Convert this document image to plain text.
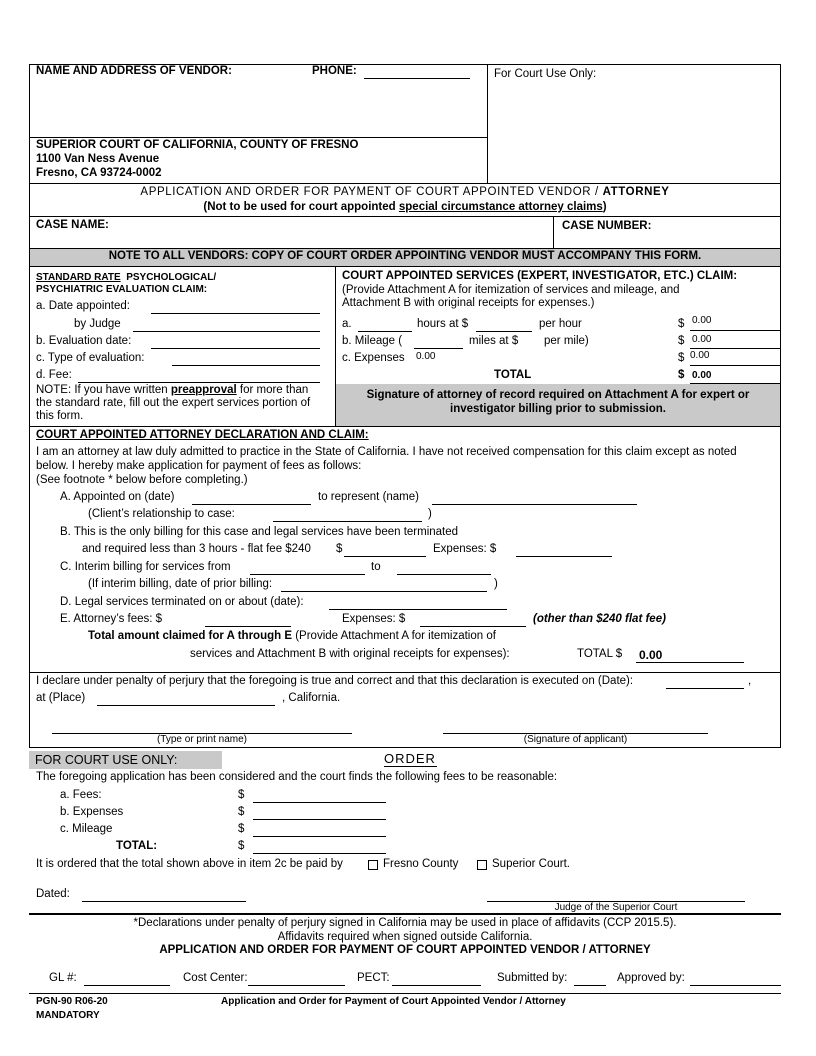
NAME AND ADDRESS OF VENDOR:	PHONE:	For Court Use Only:
SUPERIOR COURT OF CALIFORNIA, COUNTY OF FRESNO
1100 Van Ness Avenue
Fresno, CA 93724-0002
APPLICATION AND ORDER FOR PAYMENT OF COURT APPOINTED VENDOR / ATTORNEY
(Not to be used for court appointed special circumstance attorney claims)
CASE NAME:	CASE NUMBER:
NOTE TO ALL VENDORS: COPY OF COURT ORDER APPOINTING VENDOR MUST ACCOMPANY THIS FORM.
STANDARD RATE PSYCHOLOGICAL/
PSYCHIATRIC EVALUATION CLAIM:
a. Date appointed:
by Judge
b. Evaluation date:
c. Type of evaluation:
d. Fee:
NOTE: If you have written preapproval for more than
the standard rate, fill out the expert services portion of
this form.
COURT APPOINTED SERVICES (EXPERT, INVESTIGATOR, ETC.) CLAIM:
(Provide Attachment A for itemization of services and mileage, and
Attachment B with original receipts for expenses.)
a.	hours at $	per hour	$ 0.00
b. Mileage (	miles at $ per mile)	$ 0.00
c. Expenses 0.00	$ 0.00
TOTAL	$ 0.00
Signature of attorney of record required on Attachment A for expert or
investigator billing prior to submission.
COURT APPOINTED ATTORNEY DECLARATION AND CLAIM:
I am an attorney at law duly admitted to practice in the State of California. I have not received compensation for this claim except as noted
below. I hereby make application for payment of fees as follows:
(See footnote * below before completing.)
A. Appointed on (date)	to represent (name)
(Client’s relationship to case:	)
B. This is the only billing for this case and legal services have been terminated
and required less than 3 hours - flat fee $240 $	Expenses: $
C. Interim billing for services from	to
(If interim billing, date of prior billing:	)
D. Legal services terminated on or about (date):
E. Attorney’s fees: $	Expenses: $	(other than $240 flat fee)
Total amount claimed for A through E (Provide Attachment A for itemization of
services and Attachment B with original receipts for expenses):	TOTAL $ 0.00
I declare under penalty of perjury that the foregoing is true and correct and that this declaration is executed on (Date):	,
at (Place)	, California.
(Type or print name)	(Signature of applicant)
FOR COURT USE ONLY:	ORDER
The foregoing application has been considered and the court finds the following fees to be reasonable:
a. Fees:	$
b. Expenses	$
c. Mileage	$
TOTAL:	$
It is ordered that the total shown above in item 2c be paid by	Fresno County	Superior Court.
Dated:
Judge of the Superior Court
*Declarations under penalty of perjury signed in California may be used in place of affidavits (CCP 2015.5).
Affidavits required when signed outside California.
APPLICATION AND ORDER FOR PAYMENT OF COURT APPOINTED VENDOR / ATTORNEY
GL #:	Cost Center:	PECT:	Submitted by:	Approved by:
PGN-90 R06-20
MANDATORY
Application and Order for Payment of Court Appointed Vendor / Attorney
